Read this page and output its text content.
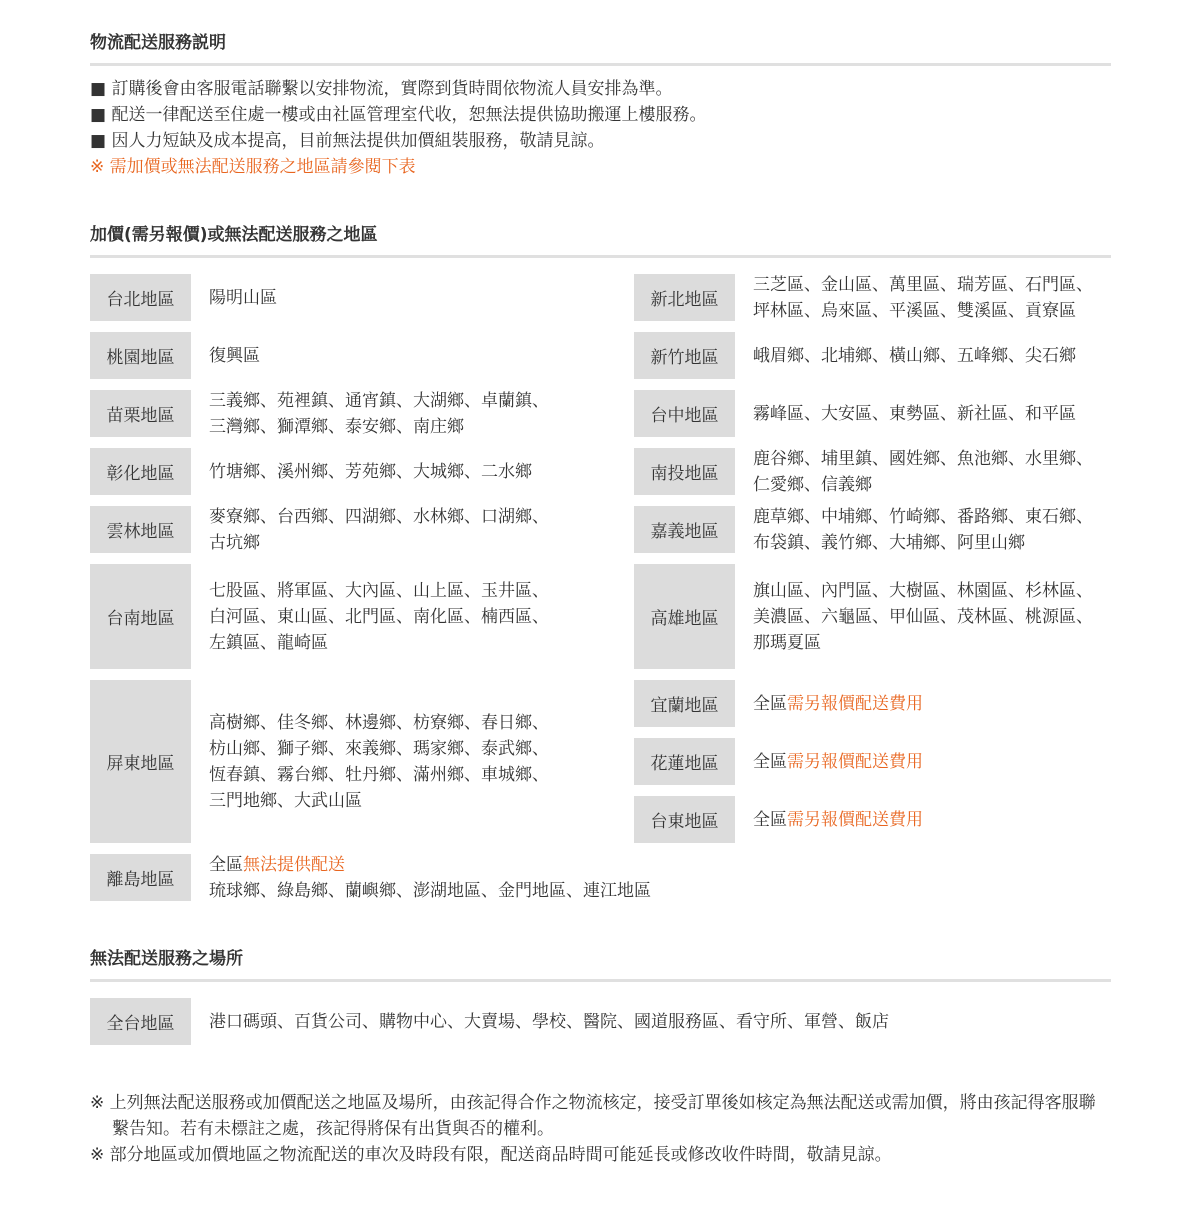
物流配送服務説明

■ 訂購後會由客服電話聯繫以安排物流，實際到貨時間依物流人員安排為準。

■ 配送一律配送至住處一樓或由社區管理室代收，恕無法提供協助搬運上樓服務。

■ 因人力短缺及成本提高，目前無法提供加價組裝服務，敬請見諒。

※ 需加價或無法配送服務之地區請參閱下表

加價(需另報價)或無法配送服務之地區
台北地區	陽明山區
桃園地區	復興區
苗栗地區
三義鄉、苑裡鎮、通宵鎮、大湖鄉、卓蘭鎮、
三灣鄉、獅潭鄉、泰安鄉、南庄鄉
彰化地區	竹塘鄉、溪州鄉、芳苑鄉、大城鄉、二水鄉
雲林地區
麥寮鄉、台西鄉、四湖鄉、水林鄉、口湖鄉、
古坑鄉
台南地區
七股區、將軍區、大內區、山上區、玉井區、
白河區、東山區、北門區、南化區、楠西區、
左鎮區、龍崎區
屏東地區
高樹鄉、佳冬鄉、林邊鄉、枋寮鄉、春日鄉、
枋山鄉、獅子鄉、來義鄉、瑪家鄉、泰武鄉、
恆春鎮、霧台鄉、牡丹鄉、滿州鄉、車城鄉、
三門地鄉、大武山區
離島地區
全區無法提供配送
琉球鄉、綠島鄉、蘭嶼鄉、澎湖地區、金門地區、連江地區
新北地區
三芝區、金山區、萬里區、瑞芳區、石門區、
坪林區、烏來區、平溪區、雙溪區、貢寮區
新竹地區	峨眉鄉、北埔鄉、橫山鄉、五峰鄉、尖石鄉
台中地區	霧峰區、大安區、東勢區、新社區、和平區
南投地區
鹿谷鄉、埔里鎮、國姓鄉、魚池鄉、水里鄉、
仁愛鄉、信義鄉
嘉義地區
鹿草鄉、中埔鄉、竹崎鄉、番路鄉、東石鄉、
布袋鎮、義竹鄉、大埔鄉、阿里山鄉
高雄地區
旗山區、內門區、大樹區、林園區、杉林區、
美濃區、六龜區、甲仙區、茂林區、桃源區、
那瑪夏區
宜蘭地區	全區需另報價配送費用
花蓮地區	全區需另報價配送費用
台東地區	全區需另報價配送費用
無法配送服務之場所
全台地區	港口碼頭、百貨公司、購物中心、大賣場、學校、醫院、國道服務區、看守所、軍營、飯店

※ 上列無法配送服務或加價配送之地區及場所，由孩記得合作之物流核定，接受訂單後如核定為無法配送或需加價，將由孩記得客服聯繫告知。若有未標註之處，孩記得將保有出貨與否的權利。

※ 部分地區或加價地區之物流配送的車次及時段有限，配送商品時間可能延長或修改收件時間，敬請見諒。
